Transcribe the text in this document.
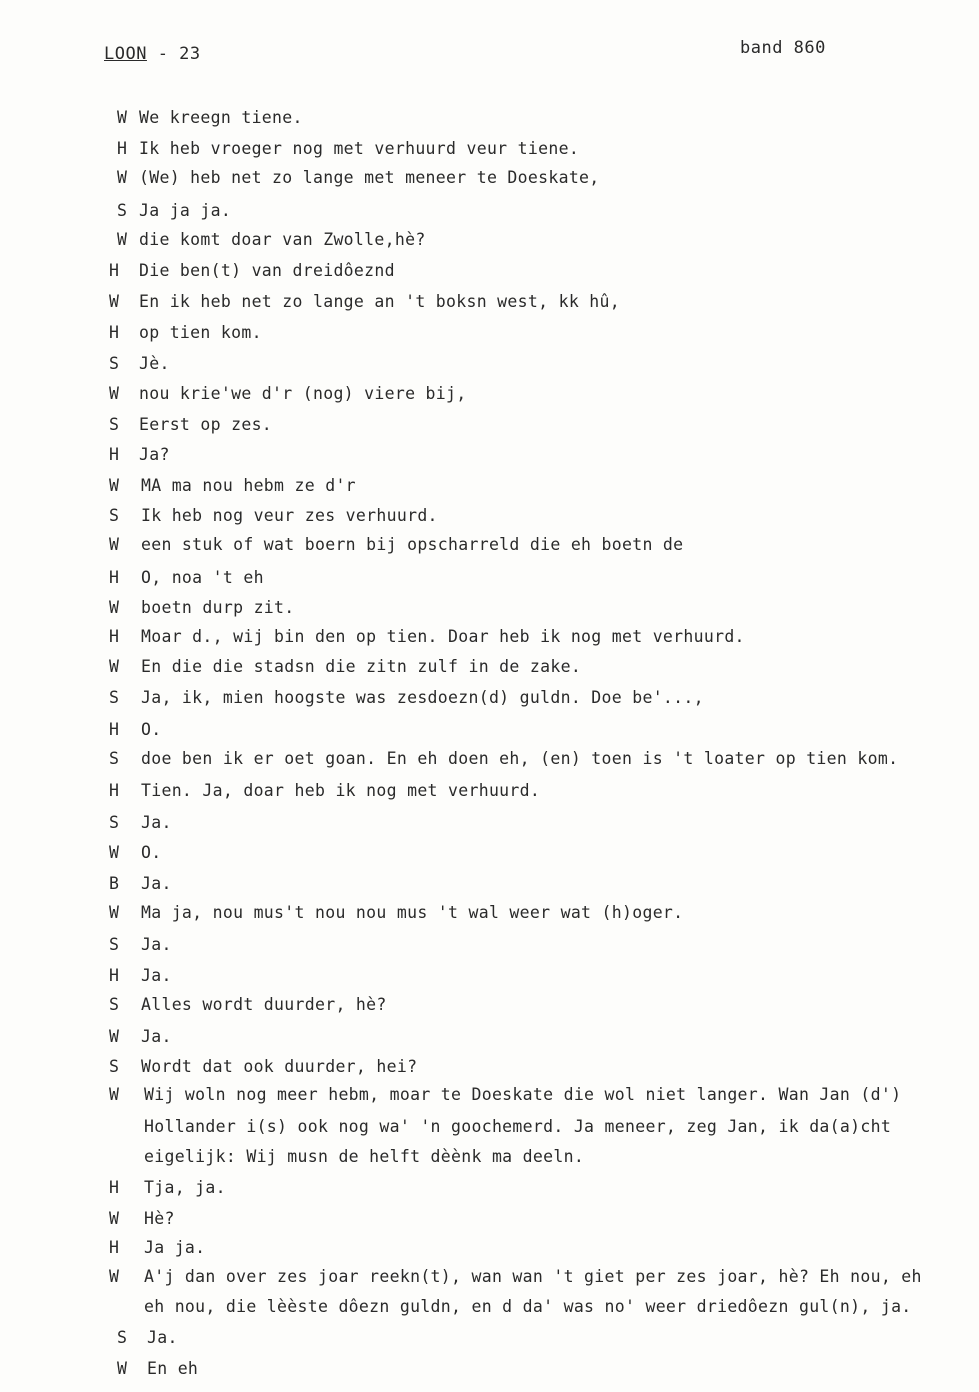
LOON - 23	band 860
W We kreegn tiene.
H Ik heb vroeger nog met verhuurd veur tiene.
W (We) heb net zo lange met meneer te Doeskate,
S Ja ja ja.
W die komt doar van Zwolle,hè?
H Die ben(t) van dreidôeznd
W En ik heb net zo lange an 't boksn west, kk hû,
H op tien kom.
S Jè.
W nou krie'we d'r (nog) viere bij,
S Eerst op zes.
H Ja?
W MA ma nou hebm ze d'r
S Ik heb nog veur zes verhuurd.
W een stuk of wat boern bij opscharreld die eh boetn de
H O, noa 't eh
W boetn durp zit.
H Moar d., wij bin den op tien. Doar heb ik nog met verhuurd.
W En die die stadsn die zitn zulf in de zake.
S Ja, ik, mien hoogste was zesdoezn(d) guldn. Doe be'...,
H O.
S doe ben ik er oet goan. En eh doen eh, (en) toen is 't loater op tien kom.
H Tien. Ja, doar heb ik nog met verhuurd.
S Ja.
W O.
B Ja.
W Ma ja, nou mus't nou nou mus 't wal weer wat (h)oger.
S Ja.
H Ja.
S Alles wordt duurder, hè?
W Ja.
S Wordt dat ook duurder, hei?
W Wij woln nog meer hebm, moar te Doeskate die wol niet langer. Wan Jan (d')
Hollander i(s) ook nog wa' 'n goochemerd. Ja meneer, zeg Jan, ik da(a)cht
eigelijk: Wij musn de helft dèènk ma deeln.
H Tja, ja.
W Hè?
H Ja ja.
W A'j dan over zes joar reekn(t), wan wan 't giet per zes joar, hè? Eh nou, eh
eh nou, die lèèste dôezn guldn, en d da' was no' weer driedôezn gul(n), ja.
S Ja.
W En eh
